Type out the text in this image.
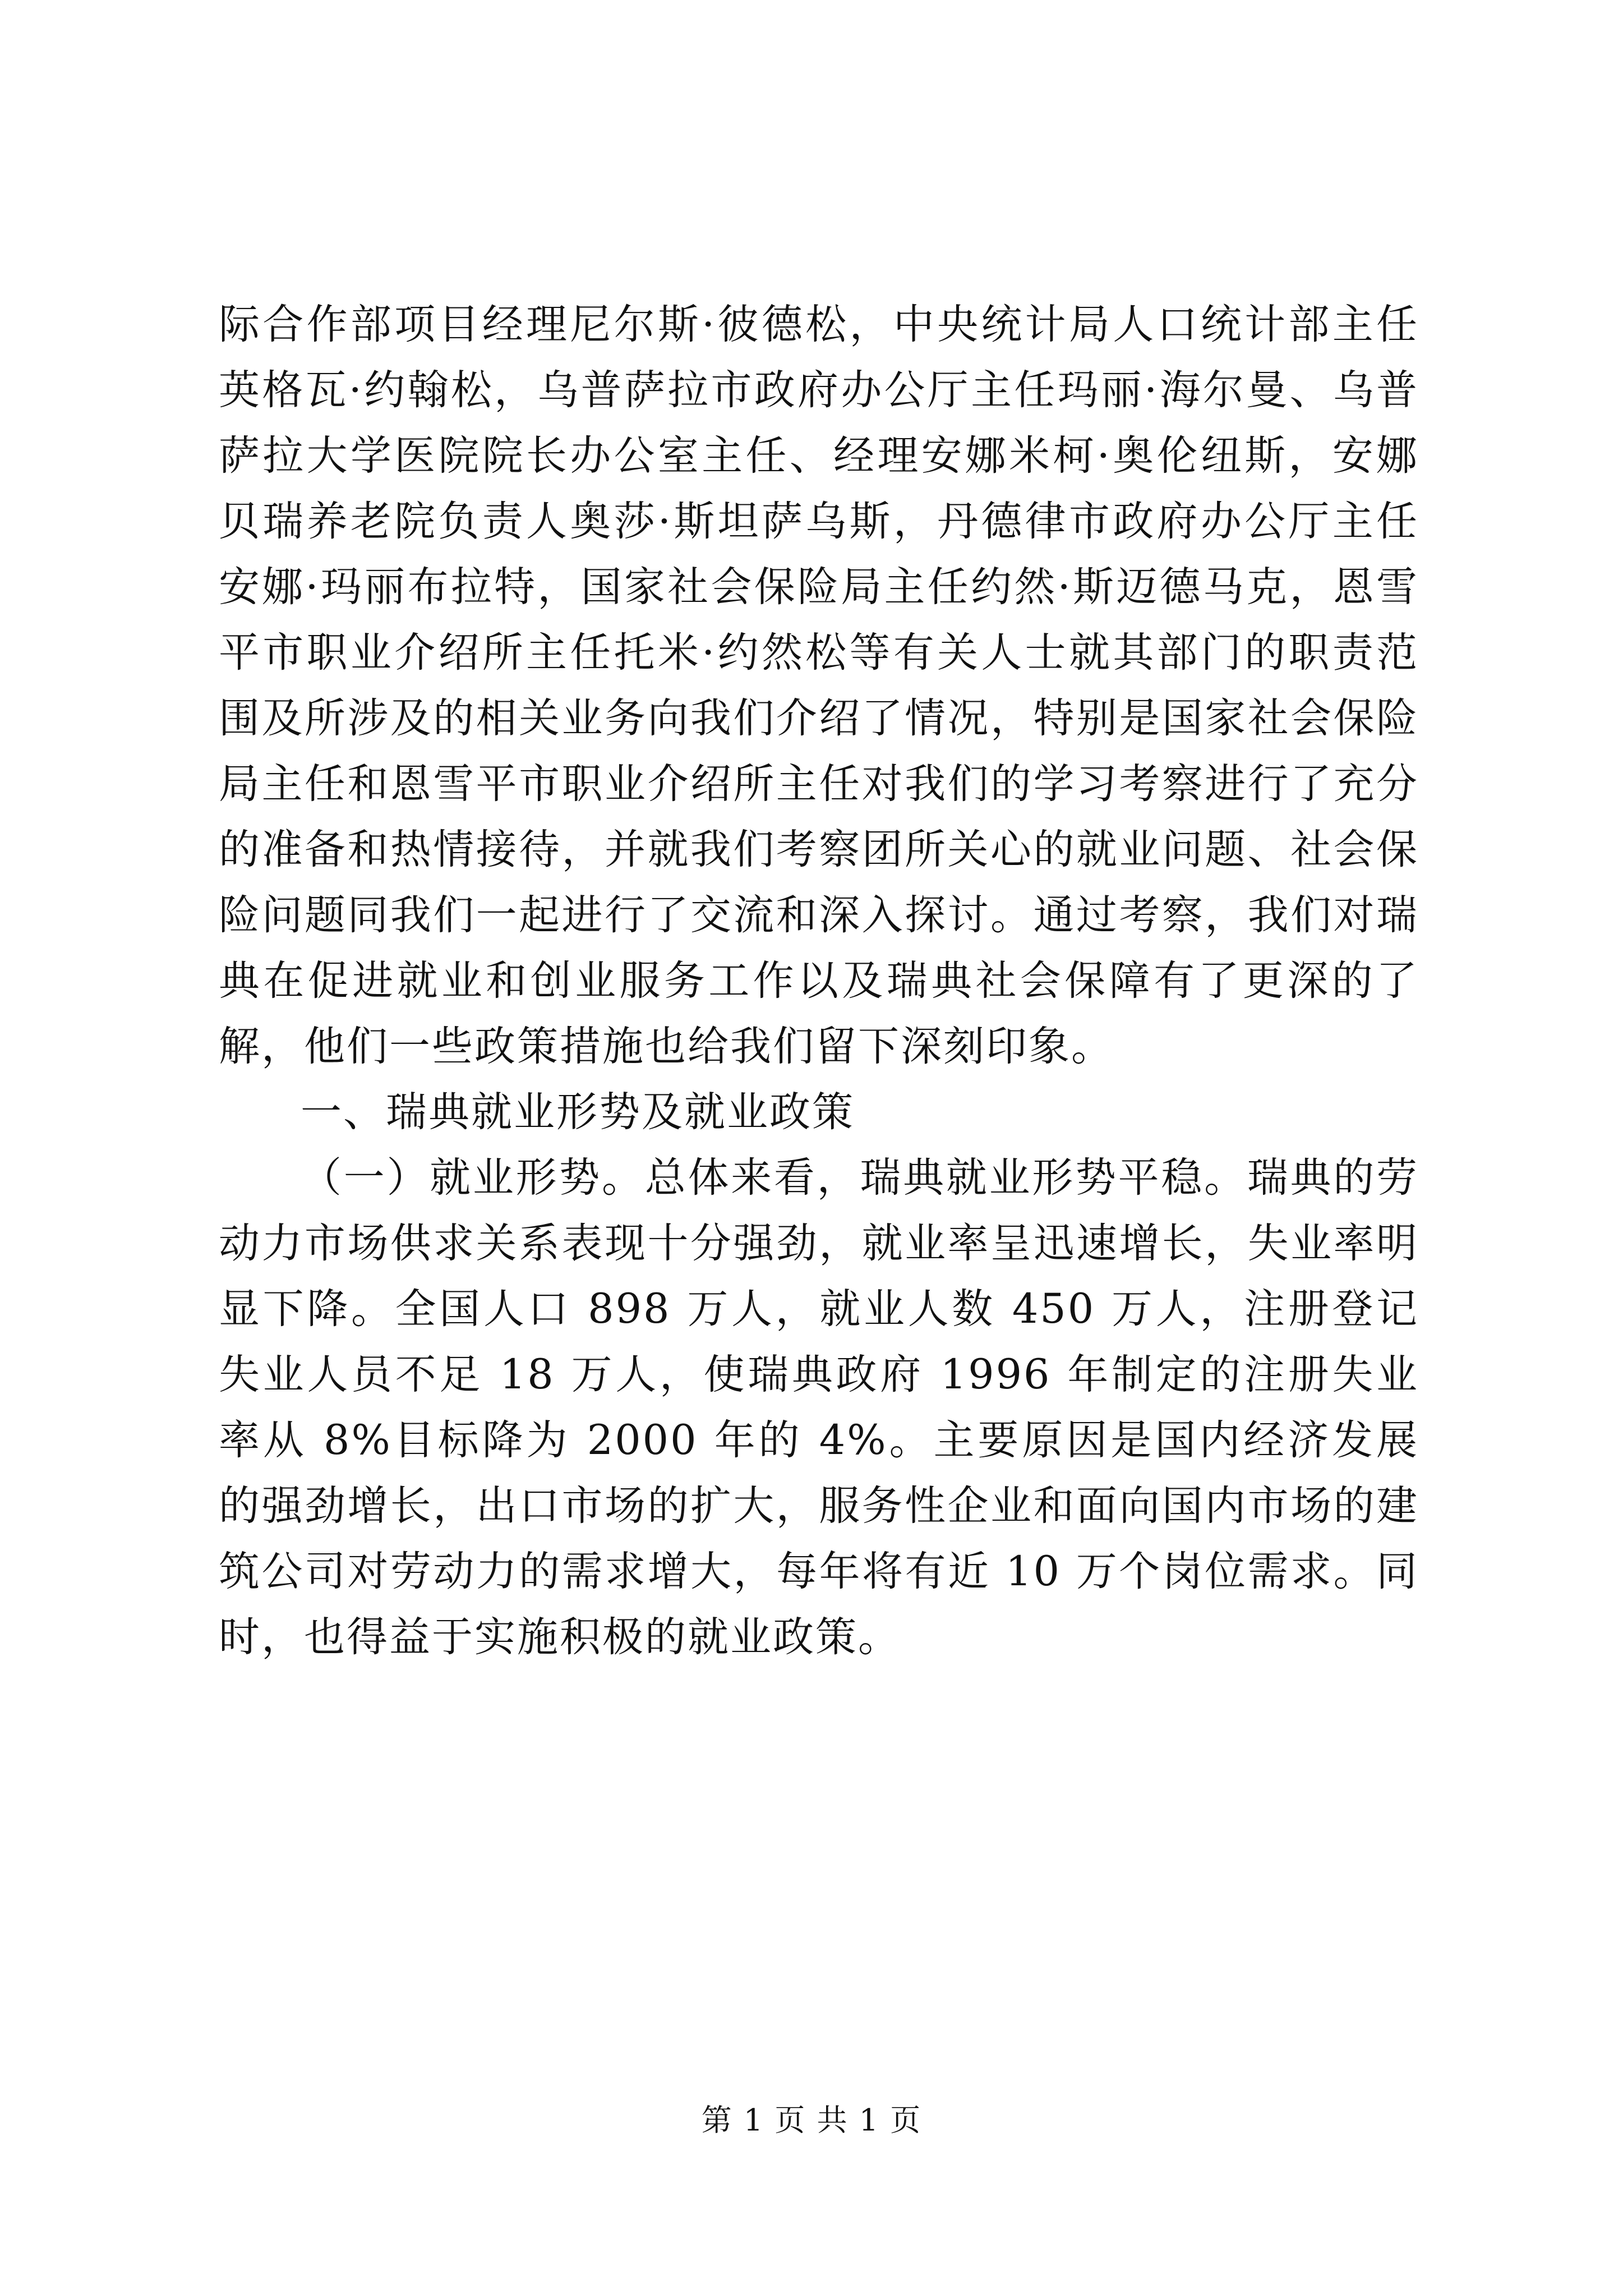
际合作部项目经理尼尔斯·彼德松，中央统计局人口统计部主任英格瓦·约翰松，乌普萨拉市政府办公厅主任玛丽·海尔曼、乌普萨拉大学医院院长办公室主任、经理安娜米柯·奥伦纽斯，安娜贝瑞养老院负责人奥莎·斯坦萨乌斯，丹德律市政府办公厅主任安娜·玛丽布拉特，国家社会保险局主任约然·斯迈德马克，恩雪平市职业介绍所主任托米·约然松等有关人士就其部门的职责范围及所涉及的相关业务向我们介绍了情况，特别是国家社会保险局主任和恩雪平市职业介绍所主任对我们的学习考察进行了充分的准备和热情接待，并就我们考察团所关心的就业问题、社会保险问题同我们一起进行了交流和深入探讨。通过考察，我们对瑞典在促进就业和创业服务工作以及瑞典社会保障有了更深的了解，他们一些政策措施也给我们留下深刻印象。

一、瑞典就业形势及就业政策

（一）就业形势。总体来看，瑞典就业形势平稳。瑞典的劳动力市场供求关系表现十分强劲，就业率呈迅速增长，失业率明显下降。全国人口 898 万人，就业人数 450 万人，注册登记失业人员不足 18 万人，使瑞典政府 1996 年制定的注册失业率从 8%目标降为 2000 年的 4%。主要原因是国内经济发展的强劲增长，出口市场的扩大，服务性企业和面向国内市场的建筑公司对劳动力的需求增大，每年将有近 10 万个岗位需求。同时，也得益于实施积极的就业政策。

第 1 页 共 1 页
